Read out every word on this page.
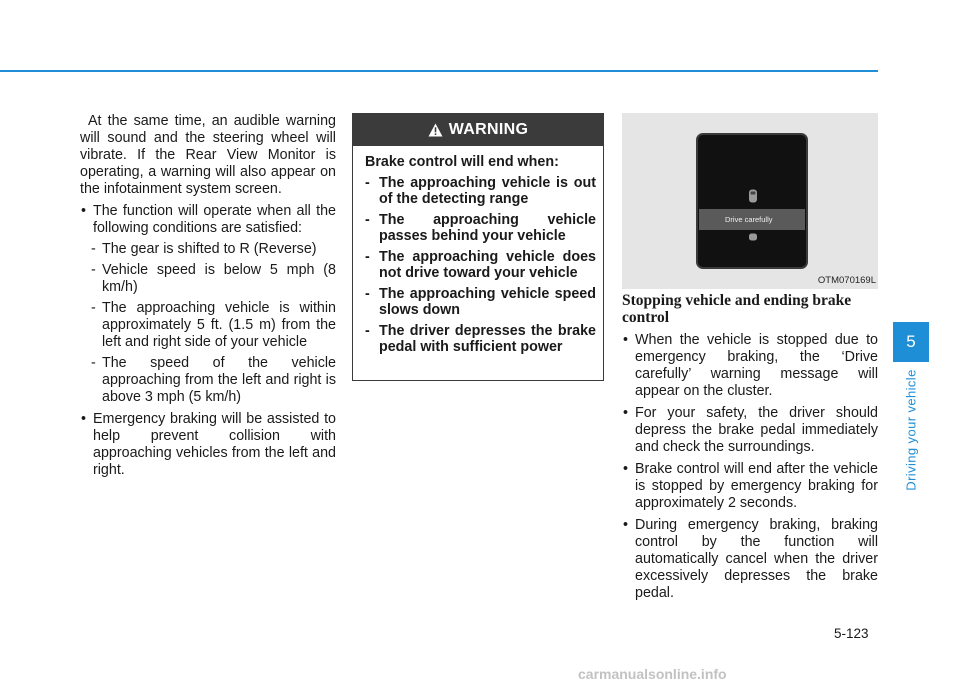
At the same time, an audible warning will sound and the steering wheel will vibrate. If the Rear View Monitor is operating, a warning will also appear on the infotainment system screen.

• The function will operate when all the following conditions are satisfied:

- The gear is shifted to R (Reverse)

- Vehicle speed is below 5 mph (8 km/h)

- The approaching vehicle is within approximately 5 ft. (1.5 m) from the left and right side of your vehicle

- The speed of the vehicle approaching from the left and right is above 3 mph (5 km/h)

• Emergency braking will be assisted to help prevent collision with approaching vehicles from the left and right.

WARNING

Brake control will end when:

- The approaching vehicle is out of the detecting range

- The approaching vehicle passes behind your vehicle

- The approaching vehicle does not drive toward your vehicle

- The approaching vehicle speed slows down

- The driver depresses the brake pedal with sufficient power

Drive carefully
OTM070169L

Stopping vehicle and ending brake control

• When the vehicle is stopped due to emergency braking, the ‘Drive carefully’ warning message will appear on the cluster.

• For your safety, the driver should depress the brake pedal immediately and check the surroundings.

• Brake control will end after the vehicle is stopped by emergency braking for approximately 2 seconds.

• During emergency braking, braking control by the function will automatically cancel when the driver excessively depresses the brake pedal.

5
Driving your vehicle
5-123
carmanualsonline.info
